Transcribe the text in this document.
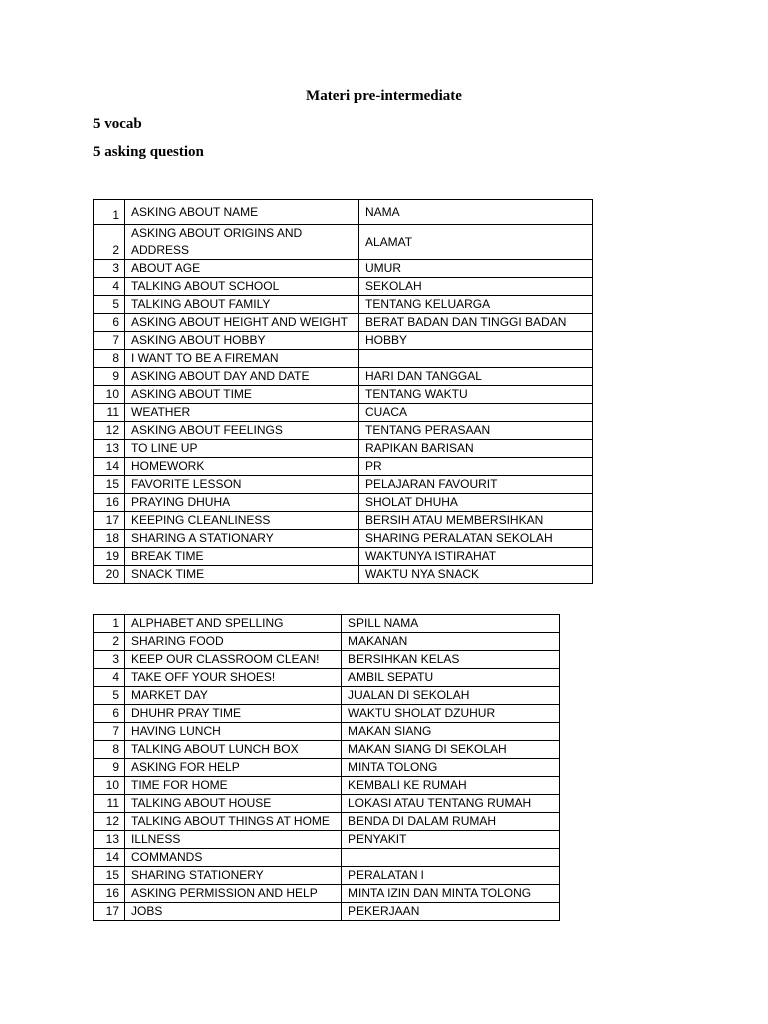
Materi pre-intermediate
5 vocab
5 asking question
1	ASKING ABOUT NAME	NAMA
2	ASKING ABOUT ORIGINS AND ADDRESS	ALAMAT
3	ABOUT AGE	UMUR
4	TALKING ABOUT SCHOOL	SEKOLAH
5	TALKING ABOUT FAMILY	TENTANG KELUARGA
6	ASKING ABOUT HEIGHT AND WEIGHT	BERAT BADAN DAN TINGGI BADAN
7	ASKING ABOUT HOBBY	HOBBY
8	I WANT TO BE A FIREMAN	
9	ASKING ABOUT DAY AND DATE	HARI DAN TANGGAL
10	ASKING ABOUT TIME	TENTANG WAKTU
11	WEATHER	CUACA
12	ASKING ABOUT FEELINGS	TENTANG PERASAAN
13	TO LINE UP	RAPIKAN BARISAN
14	HOMEWORK	PR
15	FAVORITE LESSON	PELAJARAN FAVOURIT
16	PRAYING DHUHA	SHOLAT DHUHA
17	KEEPING CLEANLINESS	BERSIH ATAU MEMBERSIHKAN
18	SHARING A STATIONARY	SHARING PERALATAN SEKOLAH
19	BREAK TIME	WAKTUNYA ISTIRAHAT
20	SNACK TIME	WAKTU NYA SNACK
1	ALPHABET AND SPELLING	SPILL NAMA
2	SHARING FOOD	MAKANAN
3	KEEP OUR CLASSROOM CLEAN!	BERSIHKAN KELAS
4	TAKE OFF YOUR SHOES!	AMBIL SEPATU
5	MARKET DAY	JUALAN DI SEKOLAH
6	DHUHR PRAY TIME	WAKTU SHOLAT DZUHUR
7	HAVING LUNCH	MAKAN SIANG
8	TALKING ABOUT LUNCH BOX	MAKAN SIANG DI SEKOLAH
9	ASKING FOR HELP	MINTA TOLONG
10	TIME FOR HOME	KEMBALI KE RUMAH
11	TALKING ABOUT HOUSE	LOKASI ATAU TENTANG RUMAH
12	TALKING ABOUT THINGS AT HOME	BENDA DI DALAM RUMAH
13	ILLNESS	PENYAKIT
14	COMMANDS	
15	SHARING STATIONERY	PERALATAN l
16	ASKING PERMISSION AND HELP	MINTA IZIN DAN MINTA TOLONG
17	JOBS	PEKERJAAN
